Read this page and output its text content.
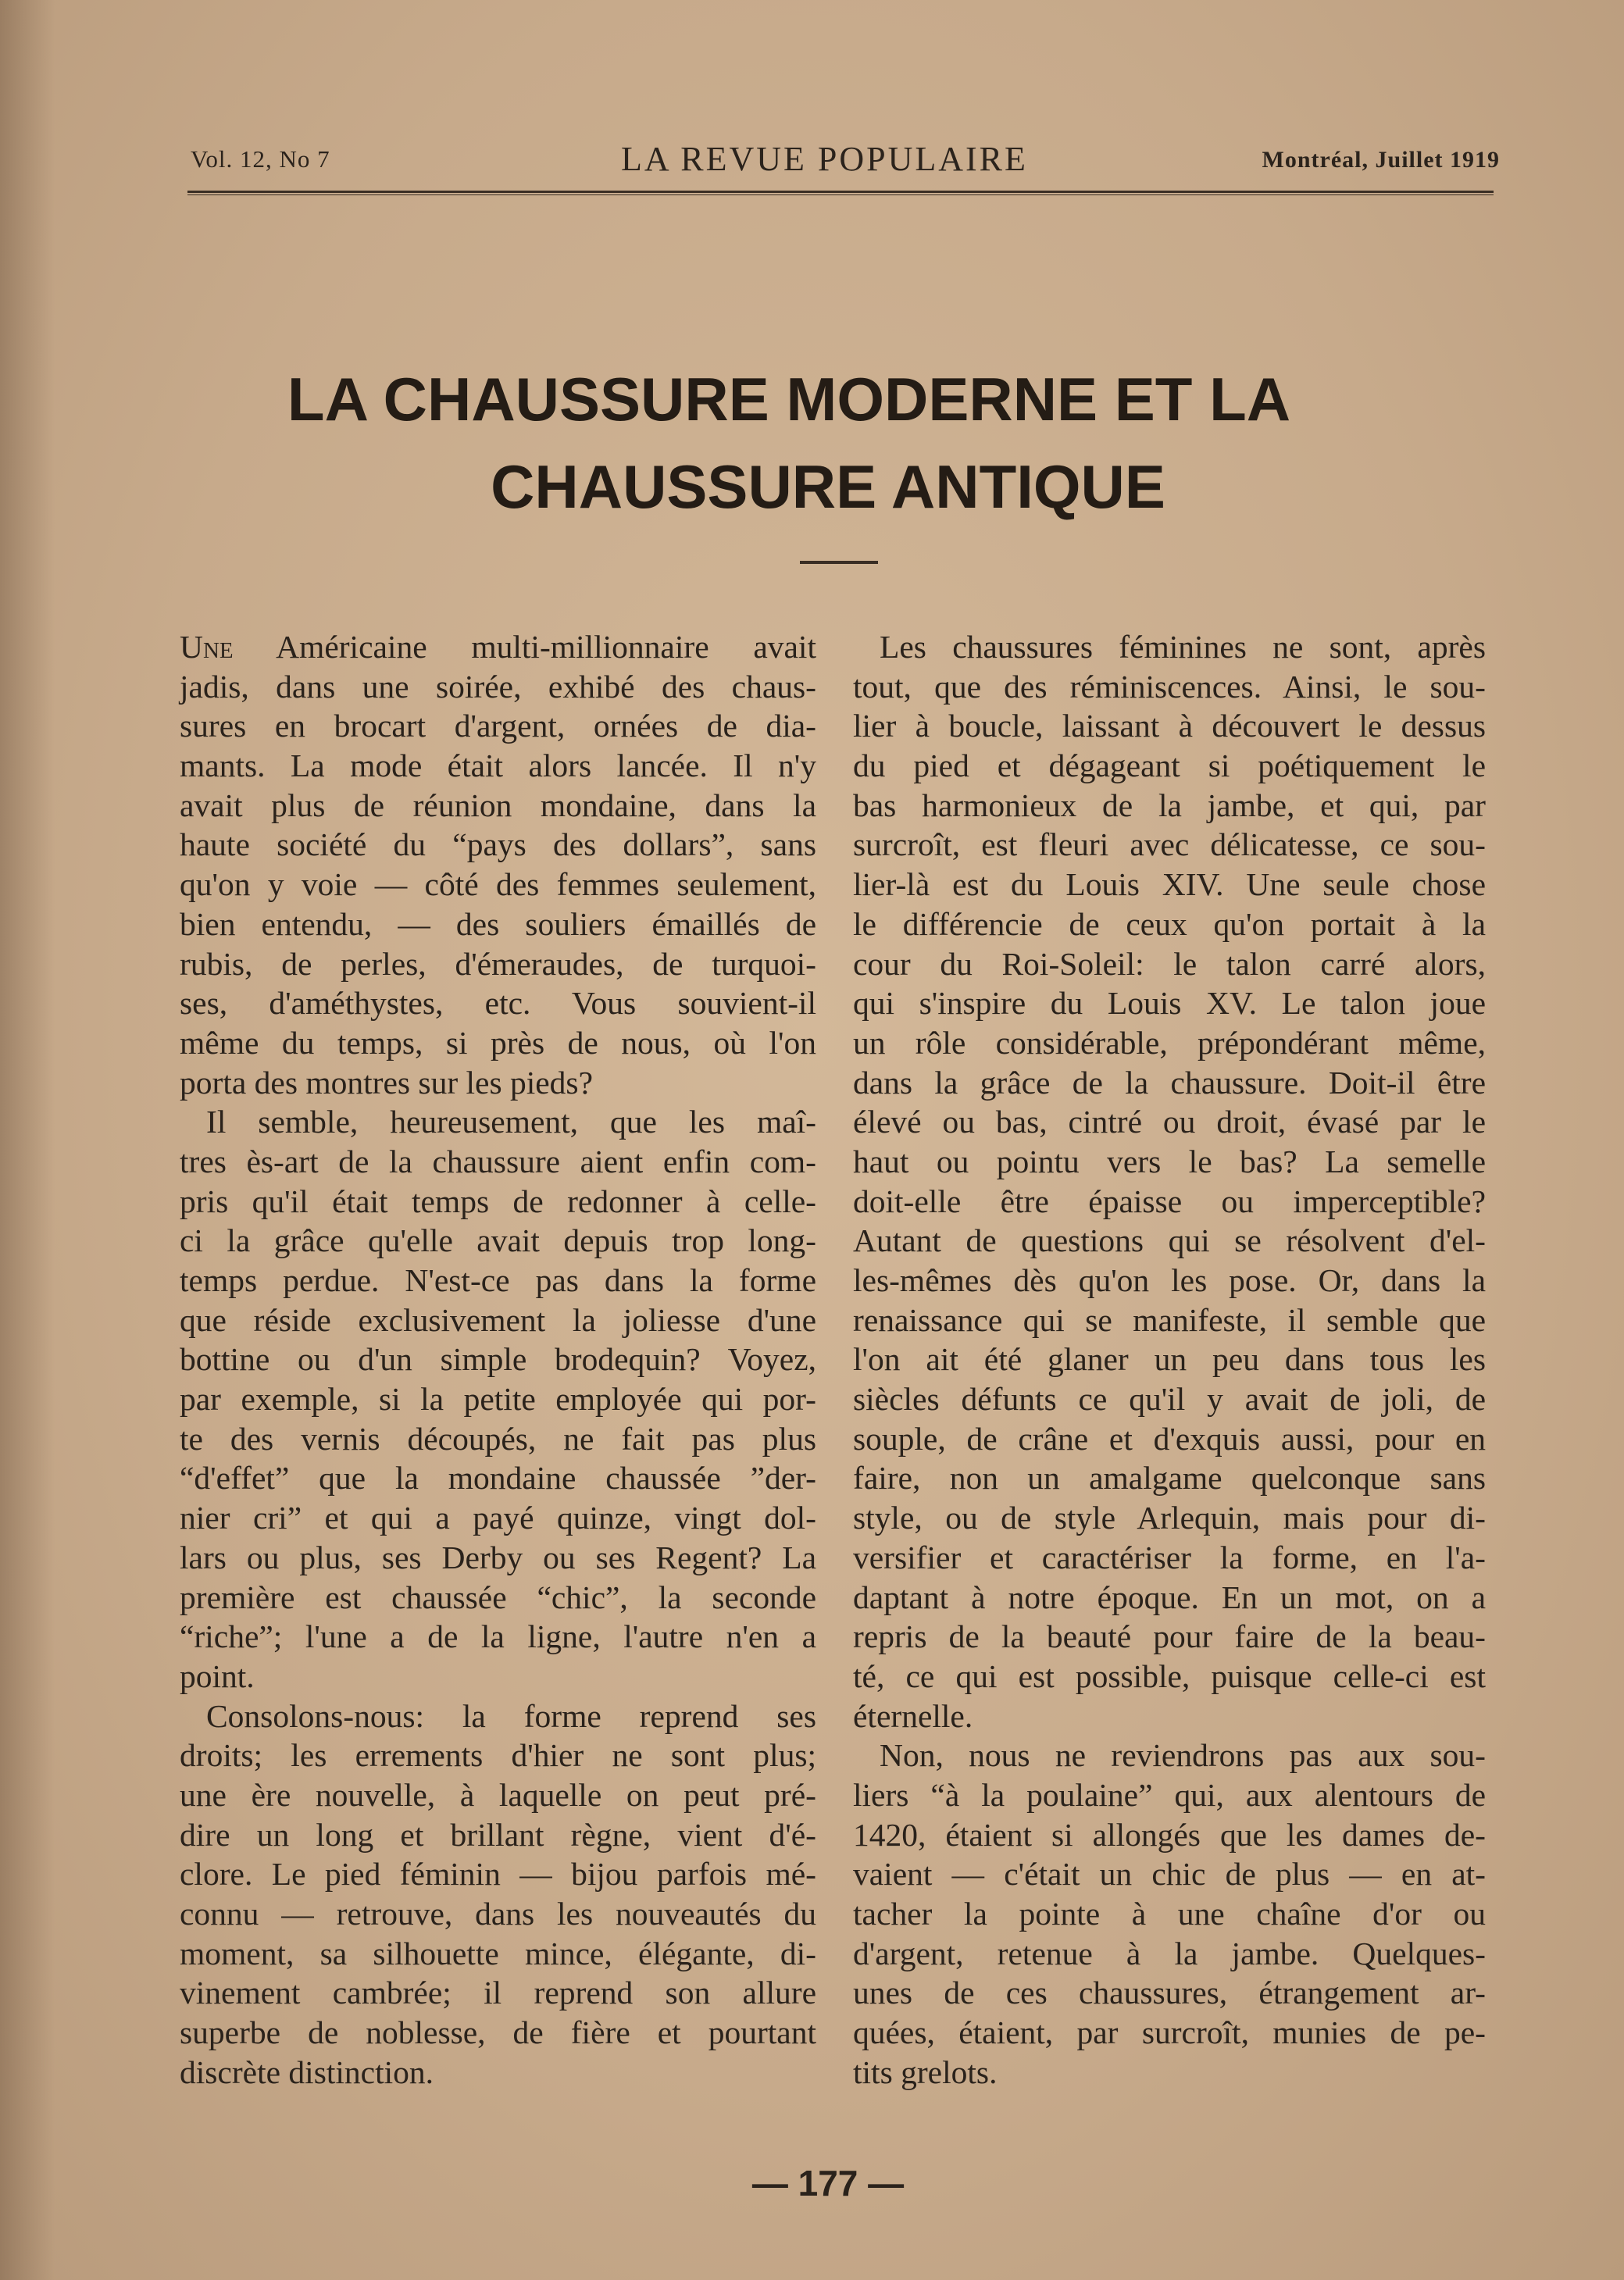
Vol. 12, No 7	LA REVUE POPULAIRE	Montréal, Juillet 1919
LA CHAUSSURE MODERNE ET LA
CHAUSSURE ANTIQUE
Une Américaine multi-millionnaire avait
jadis, dans une soirée, exhibé des chaus-
sures en brocart d'argent, ornées de dia-
mants. La mode était alors lancée. Il n'y
avait plus de réunion mondaine, dans la
haute société du “pays des dollars”, sans
qu'on y voie — côté des femmes seulement,
bien entendu, — des souliers émaillés de
rubis, de perles, d'émeraudes, de turquoi-
ses, d'améthystes, etc. Vous souvient-il
même du temps, si près de nous, où l'on
porta des montres sur les pieds?
Il semble, heureusement, que les maî-
tres ès-art de la chaussure aient enfin com-
pris qu'il était temps de redonner à celle-
ci la grâce qu'elle avait depuis trop long-
temps perdue. N'est-ce pas dans la forme
que réside exclusivement la joliesse d'une
bottine ou d'un simple brodequin? Voyez,
par exemple, si la petite employée qui por-
te des vernis découpés, ne fait pas plus
“d'effet” que la mondaine chaussée ”der-
nier cri” et qui a payé quinze, vingt dol-
lars ou plus, ses Derby ou ses Regent? La
première est chaussée “chic”, la seconde
“riche”; l'une a de la ligne, l'autre n'en a
point.
Consolons-nous: la forme reprend ses
droits; les errements d'hier ne sont plus;
une ère nouvelle, à laquelle on peut pré-
dire un long et brillant règne, vient d'é-
clore. Le pied féminin — bijou parfois mé-
connu — retrouve, dans les nouveautés du
moment, sa silhouette mince, élégante, di-
vinement cambrée; il reprend son allure
superbe de noblesse, de fière et pourtant
discrète distinction.
Les chaussures féminines ne sont, après
tout, que des réminiscences. Ainsi, le sou-
lier à boucle, laissant à découvert le dessus
du pied et dégageant si poétiquement le
bas harmonieux de la jambe, et qui, par
surcroît, est fleuri avec délicatesse, ce sou-
lier-là est du Louis XIV. Une seule chose
le différencie de ceux qu'on portait à la
cour du Roi-Soleil: le talon carré alors,
qui s'inspire du Louis XV. Le talon joue
un rôle considérable, prépondérant même,
dans la grâce de la chaussure. Doit-il être
élevé ou bas, cintré ou droit, évasé par le
haut ou pointu vers le bas? La semelle
doit-elle être épaisse ou imperceptible?
Autant de questions qui se résolvent d'el-
les-mêmes dès qu'on les pose. Or, dans la
renaissance qui se manifeste, il semble que
l'on ait été glaner un peu dans tous les
siècles défunts ce qu'il y avait de joli, de
souple, de crâne et d'exquis aussi, pour en
faire, non un amalgame quelconque sans
style, ou de style Arlequin, mais pour di-
versifier et caractériser la forme, en l'a-
daptant à notre époque. En un mot, on a
repris de la beauté pour faire de la beau-
té, ce qui est possible, puisque celle-ci est
éternelle.
Non, nous ne reviendrons pas aux sou-
liers “à la poulaine” qui, aux alentours de
1420, étaient si allongés que les dames de-
vaient — c'était un chic de plus — en at-
tacher la pointe à une chaîne d'or ou
d'argent, retenue à la jambe. Quelques-
unes de ces chaussures, étrangement ar-
quées, étaient, par surcroît, munies de pe-
tits grelots.
— 177 —
